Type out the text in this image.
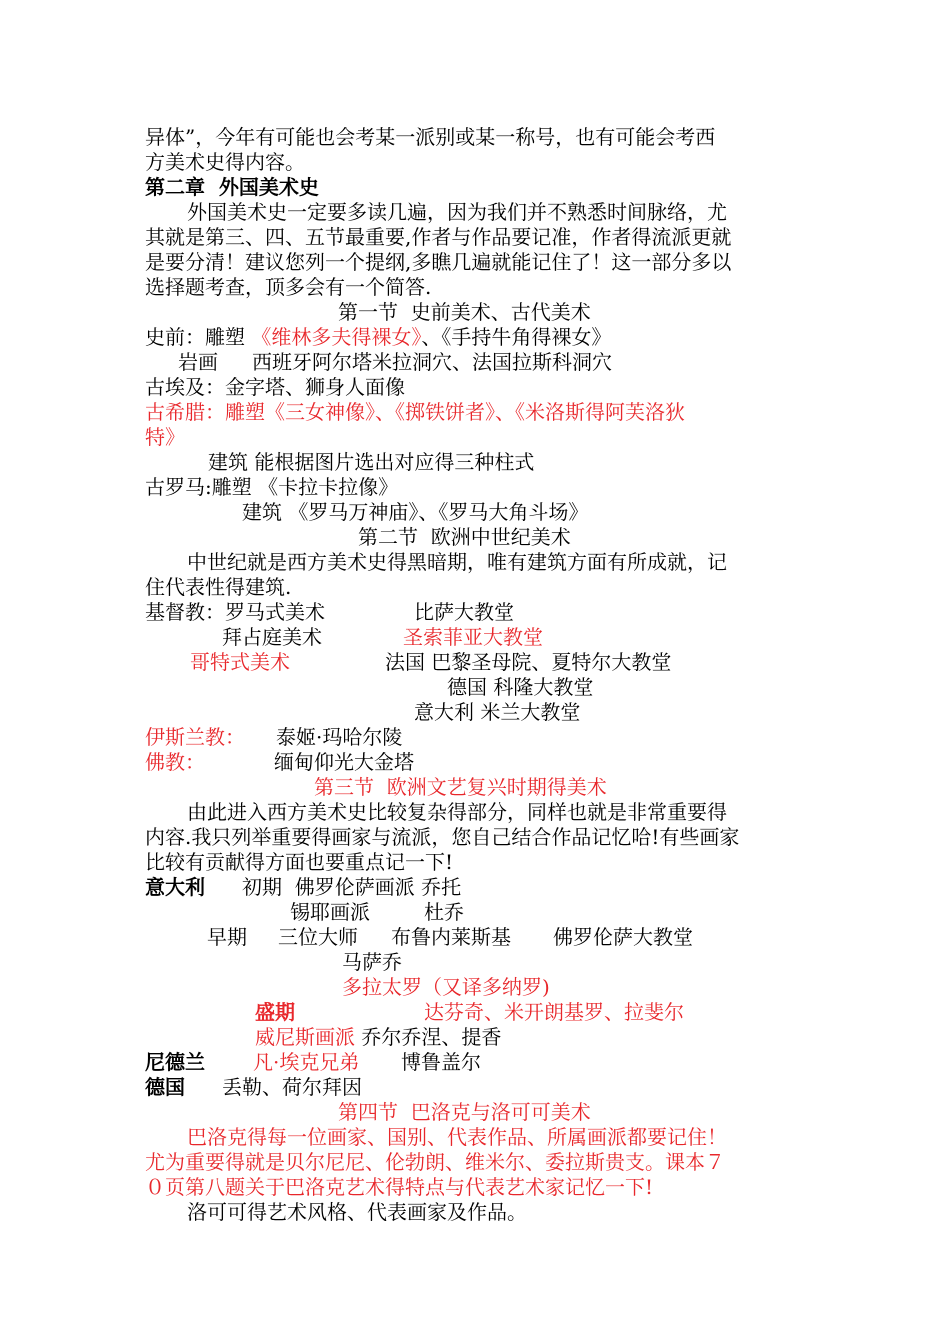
异体”，今年有可能也会考某一派别或某一称号，也有可能会考西
方美术史得内容。
第二章  外国美术史
外国美术史一定要多读几遍，因为我们并不熟悉时间脉络，尤
其就是第三、四、五节最重要,作者与作品要记准，作者得流派更就
是要分清！建议您列一个提纲,多瞧几遍就能记住了！这一部分多以
选择题考查，顶多会有一个简答.
第一节  史前美术、古代美术
史前：雕塑 《维林多夫得裸女》、《手持牛角得裸女》
岩画 西班牙阿尔塔米拉洞穴、法国拉斯科洞穴
古埃及：金字塔、狮身人面像
古希腊：雕塑《三女神像》、《掷铁饼者》、《米洛斯得阿芙洛狄
特》
建筑 能根据图片选出对应得三种柱式
古罗马:雕塑 《卡拉卡拉像》
建筑 《罗马万神庙》、《罗马大角斗场》
第二节  欧洲中世纪美术
中世纪就是西方美术史得黑暗期，唯有建筑方面有所成就，记
住代表性得建筑.
基督教：罗马式美术	比萨大教堂
拜占庭美术	圣索菲亚大教堂
哥特式美术	法国 巴黎圣母院、夏特尔大教堂
德国 科隆大教堂
意大利 米兰大教堂
伊斯兰教： 泰姬·玛哈尔陵
佛教：	缅甸仰光大金塔
第三节  欧洲文艺复兴时期得美术
由此进入西方美术史比较复杂得部分，同样也就是非常重要得
内容.我只列举重要得画家与流派，您自己结合作品记忆哈!有些画家
比较有贡献得方面也要重点记一下!
意大利 初期  佛罗伦萨画派 乔托
锡耶画派	杜乔
早期 三位大师 布鲁内莱斯基 佛罗伦萨大教堂
马萨乔
多拉太罗（又译多纳罗)
盛期	达芬奇、米开朗基罗、拉斐尔
威尼斯画派 乔尔乔涅、提香
尼德兰 凡·埃克兄弟 博鲁盖尔
德国 丢勒、荷尔拜因
第四节  巴洛克与洛可可美术
巴洛克得每一位画家、国别、代表作品、所属画派都要记住！
尤为重要得就是贝尔尼尼、伦勃朗、维米尔、委拉斯贵支。课本７
０页第八题关于巴洛克艺术得特点与代表艺术家记忆一下!
洛可可得艺术风格、代表画家及作品。
